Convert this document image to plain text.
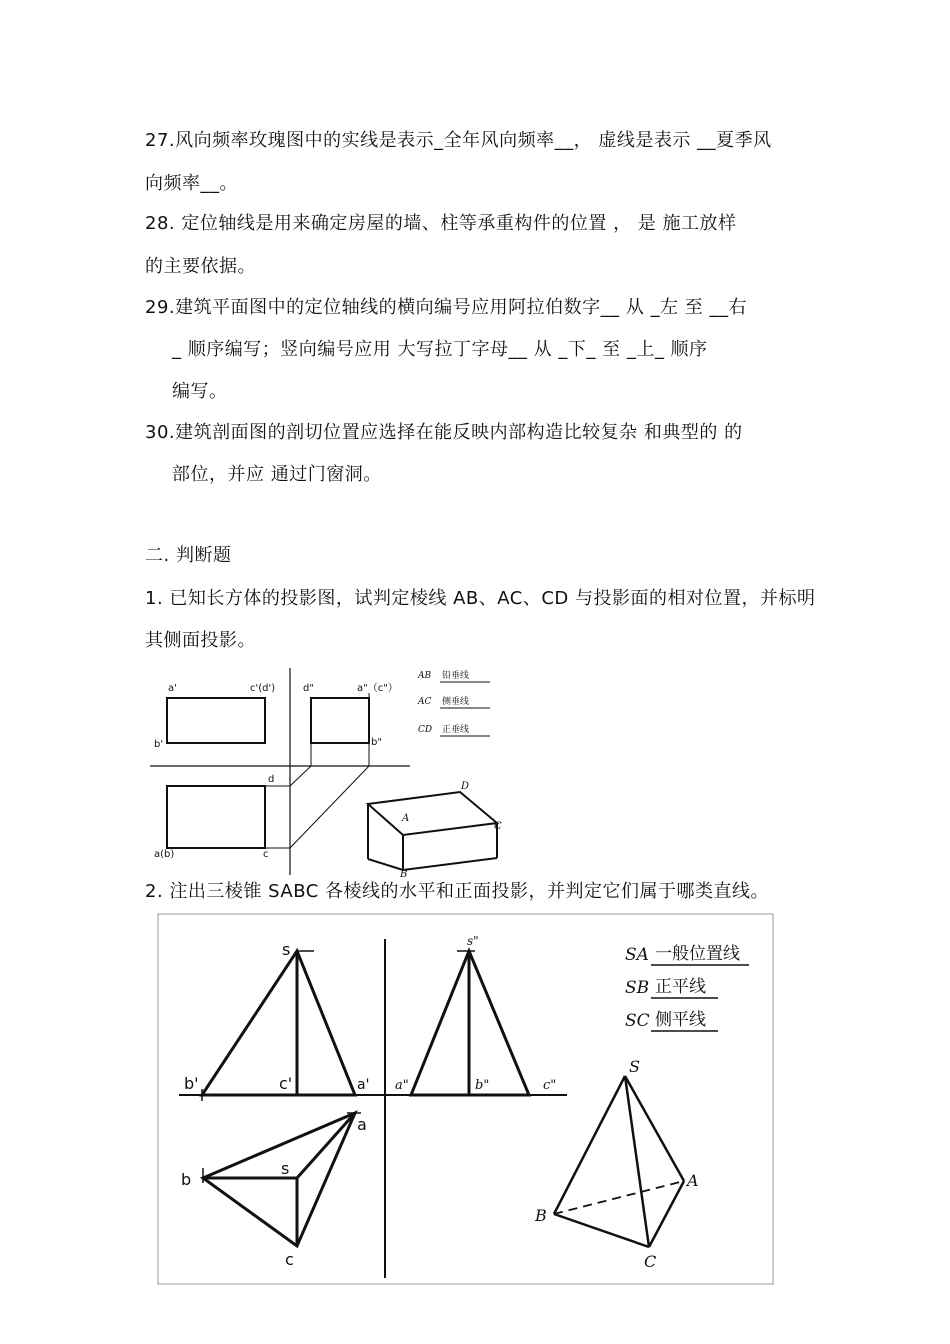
27.风向频率玫瑰图中的实线是表示_全年风向频率__， 虚线是表示 __夏季风
向频率__。
28. 定位轴线是用来确定房屋的墙、柱等承重构件的位置 ， 是 施工放样
的主要依据。
29.建筑平面图中的定位轴线的横向编号应用阿拉伯数字__ 从 _左 至 __右
_ 顺序编写；竖向编号应用 大写拉丁字母__ 从 _下_ 至 _上_ 顺序
编写。
30.建筑剖面图的剖切位置应选择在能反映内部构造比较复杂 和典型的 的
部位，并应 通过门窗洞。
二. 判断题
1. 已知长方体的投影图，试判定棱线 AB、AC、CD 与投影面的相对位置，并标明
其侧面投影。
a'	c'(d')
b'
d"	a"（c"）
b"
d
a(b)	c
A
D
C
B
AB 铅垂线
AC 侧垂线
CD 正垂线
2. 注出三棱锥 SABC 各棱线的水平和正面投影，并判定它们属于哪类直线。
s
b'	c'	a'
s"
a"	b"	c"
a
b
s
c
S
A
B
C
SA 一般位置线
SB 正平线
SC 侧平线
